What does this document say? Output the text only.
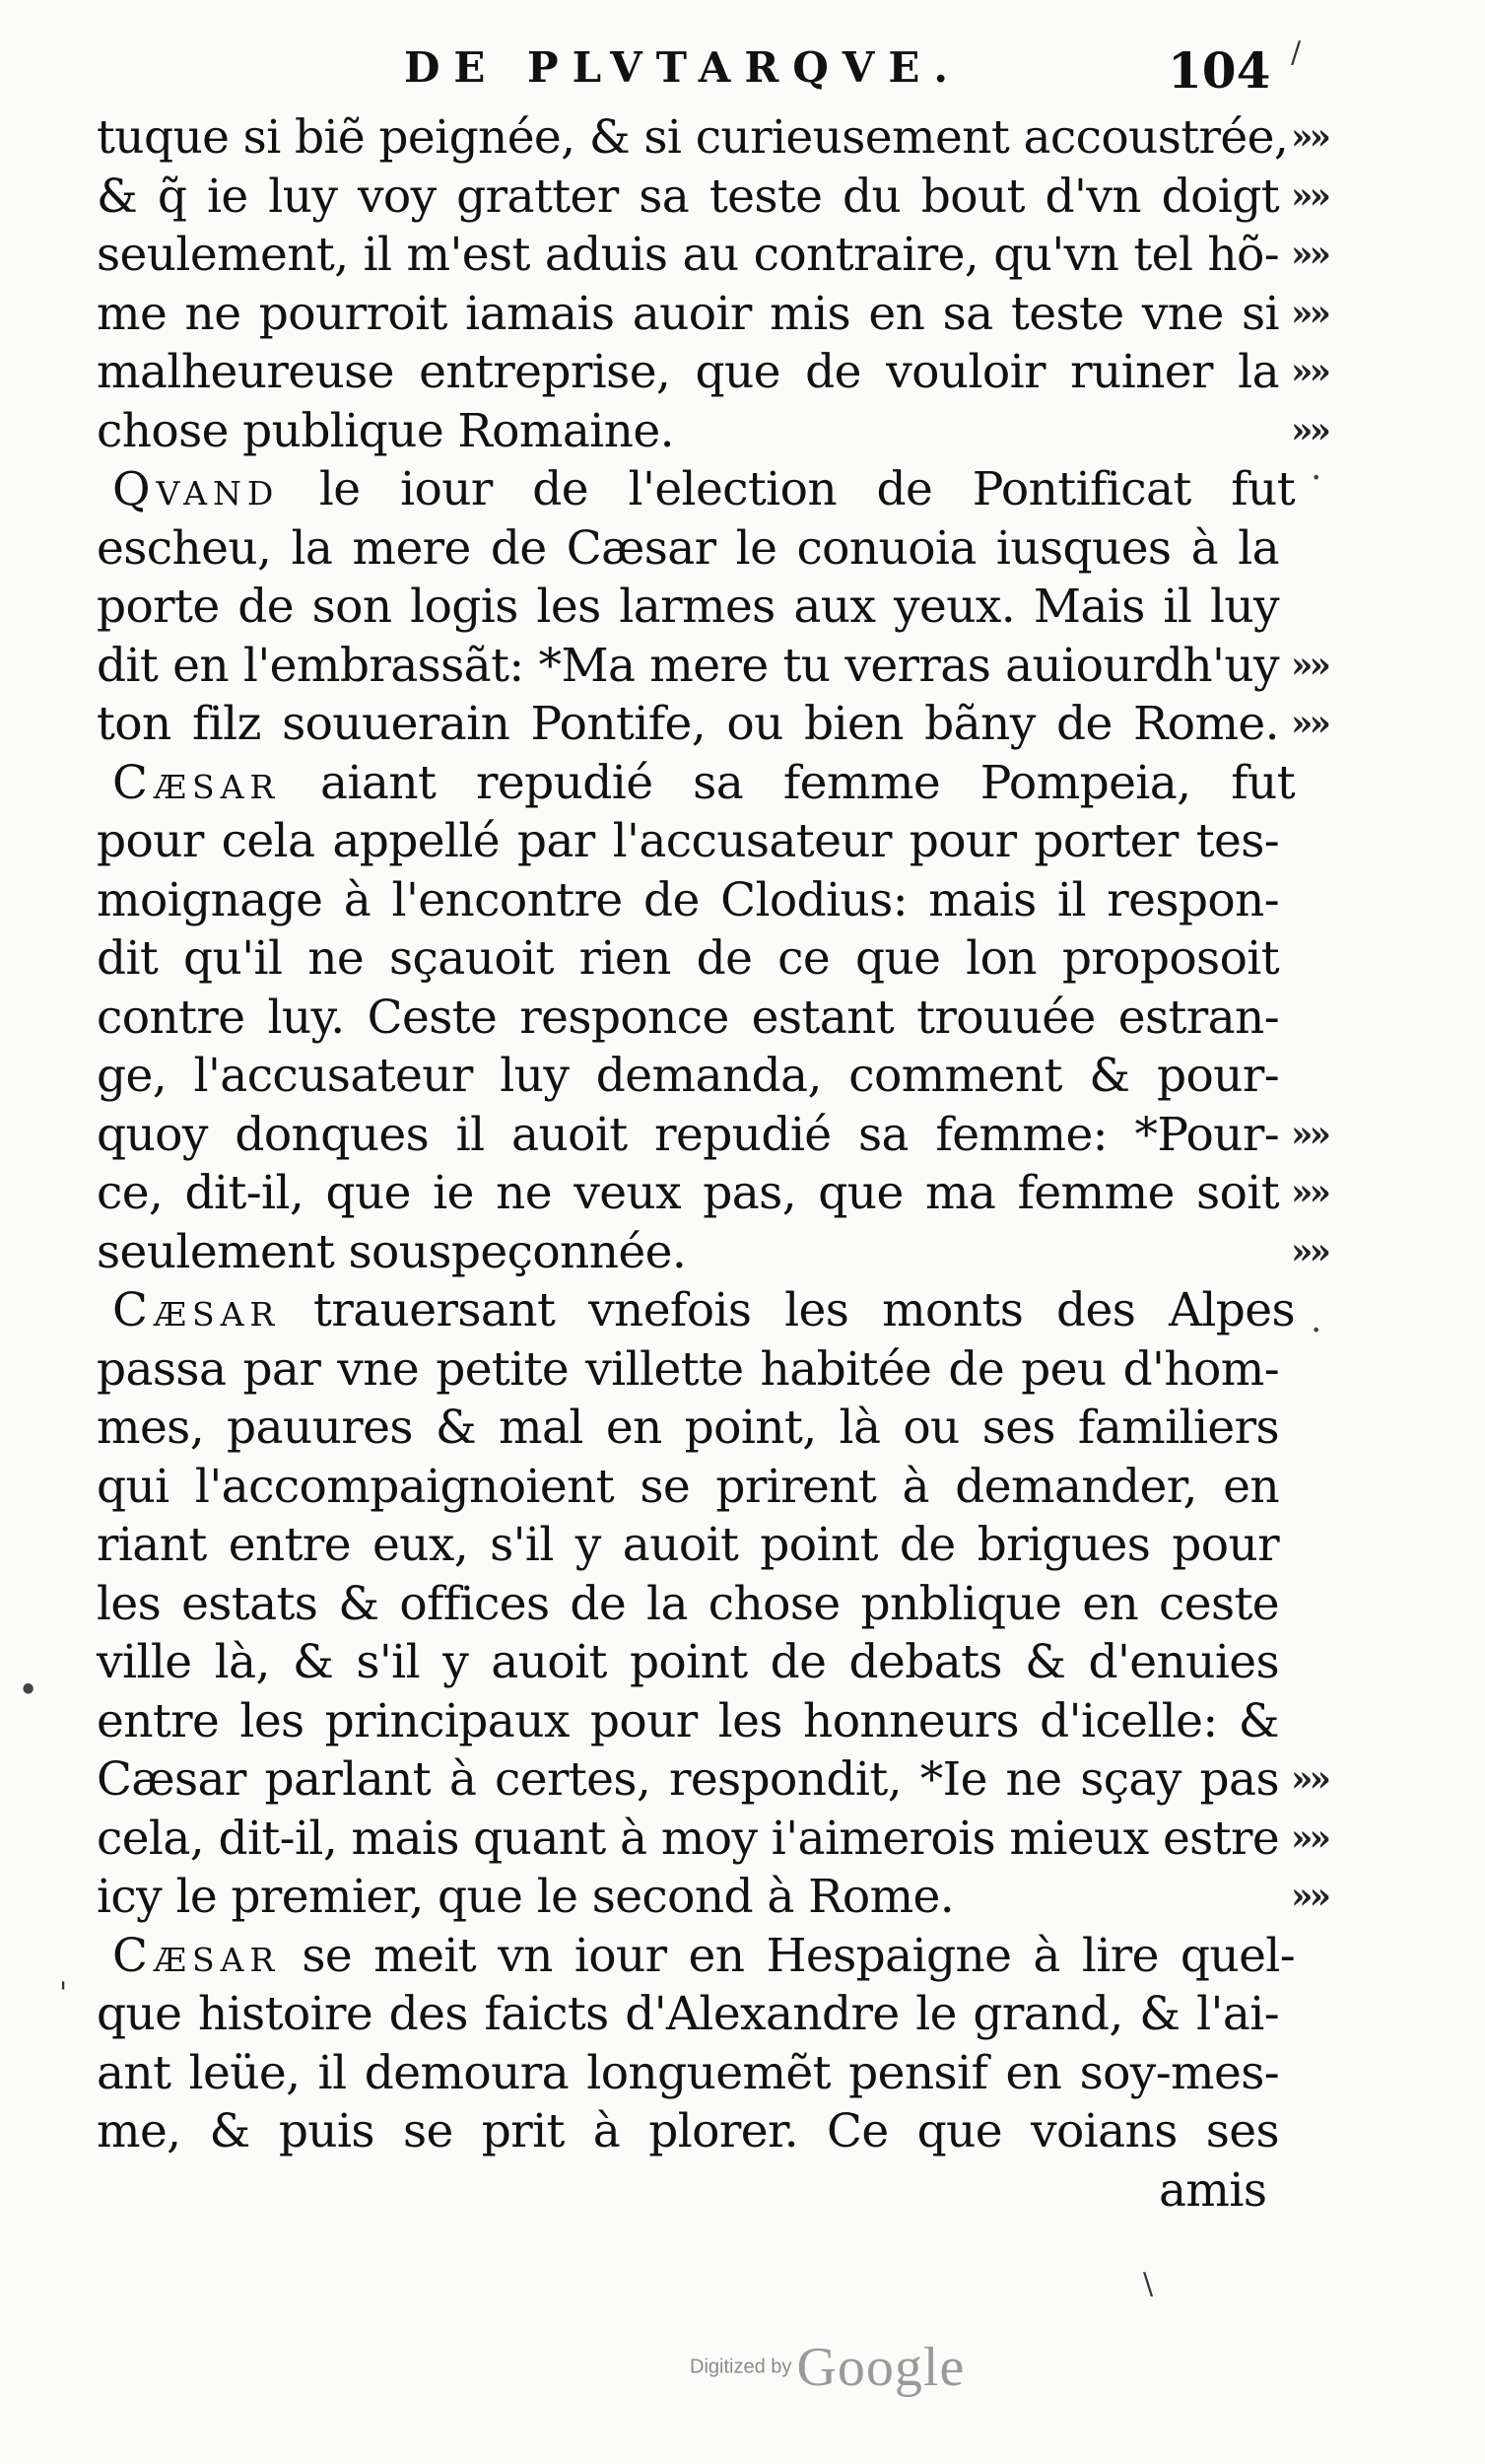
DE PLVTARQVE.	104
tuque si biẽ peignée, & si curieusement accoustrée, »»
& q̃ ie luy voy gratter sa teste du bout d'vn doigt »»
seulement, il m'est aduis au contraire, qu'vn tel hõ- »»
me ne pourroit iamais auoir mis en sa teste vne si »»
malheureuse entreprise, que de vouloir ruiner la »»
chose publique Romaine.	»»
Qvand le iour de l'election de Pontificat fut
escheu, la mere de Cæsar le conuoia iusques à la
porte de son logis les larmes aux yeux. Mais il luy
dit en l'embrassãt: *Ma mere tu verras auiourdh'uy »»
ton filz souuerain Pontife, ou bien bãny de Rome. »»
Cæsar aiant repudié sa femme Pompeia, fut
pour cela appellé par l'accusateur pour porter tes-
moignage à l'encontre de Clodius: mais il respon-
dit qu'il ne sçauoit rien de ce que lon proposoit
contre luy. Ceste responce estant trouuée estran-
ge, l'accusateur luy demanda, comment & pour-
quoy donques il auoit repudié sa femme: *Pour- »»
ce, dit-il, que ie ne veux pas, que ma femme soit »»
seulement souspeçonnée.	»»
Cæsar trauersant vnefois les monts des Alpes
passa par vne petite villette habitée de peu d'hom-
mes, pauures & mal en point, là ou ses familiers
qui l'accompaignoient se prirent à demander, en
riant entre eux, s'il y auoit point de brigues pour
les estats & offices de la chose pnblique en ceste
ville là, & s'il y auoit point de debats & d'enuies
entre les principaux pour les honneurs d'icelle: &
Cæsar parlant à certes, respondit, *Ie ne sçay pas »»
cela, dit-il, mais quant à moy i'aimerois mieux estre »»
icy le premier, que le second à Rome.	»»
Cæsar se meit vn iour en Hespaigne à lire quel-
que histoire des faicts d'Alexandre le grand, & l'ai-
ant leüe, il demoura longuemẽt pensif en soy-mes-
me, & puis se prit à plorer. Ce que voians ses
amis
•
·
·
/
'
\
Digitized by Google
